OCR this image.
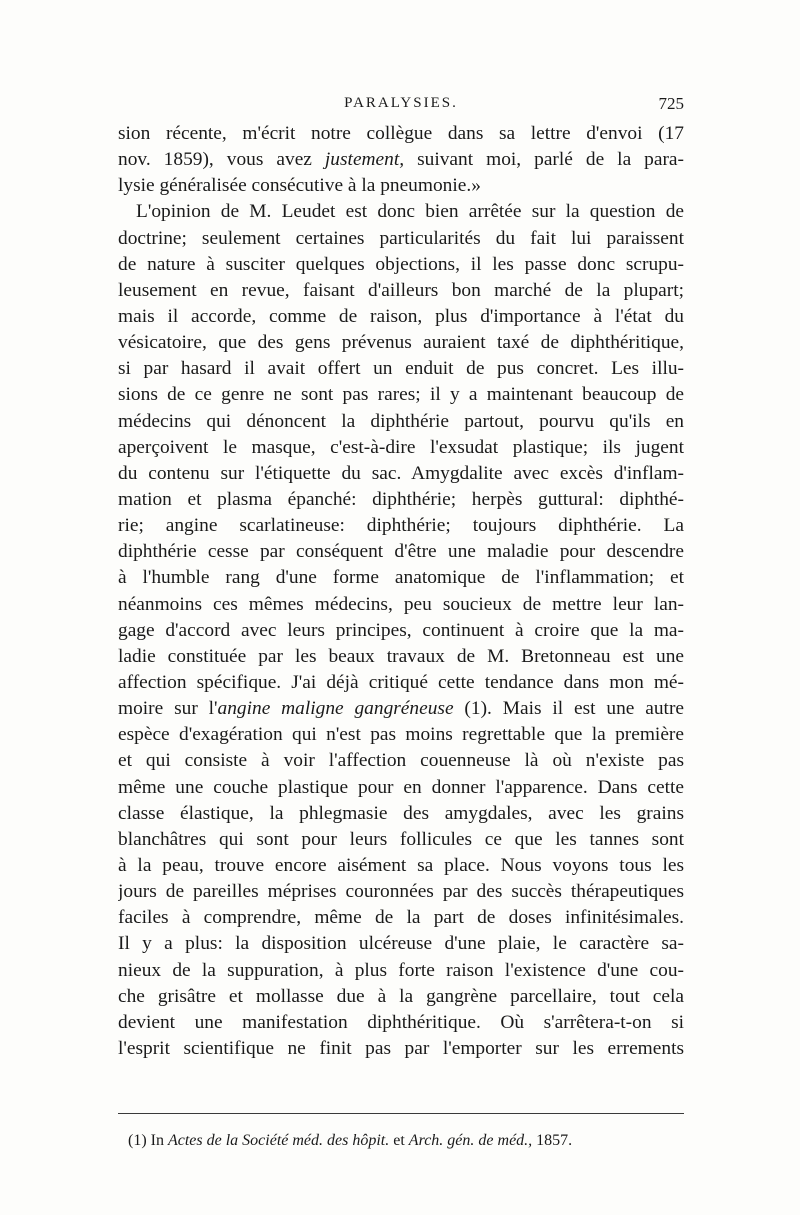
PARALYSIES.	725
sion récente, m'écrit notre collègue dans sa lettre d'envoi (17
nov. 1859), vous avez justement, suivant moi, parlé de la para-
lysie généralisée consécutive à la pneumonie.»
L'opinion de M. Leudet est donc bien arrêtée sur la question de
doctrine; seulement certaines particularités du fait lui paraissent
de nature à susciter quelques objections, il les passe donc scrupu-
leusement en revue, faisant d'ailleurs bon marché de la plupart;
mais il accorde, comme de raison, plus d'importance à l'état du
vésicatoire, que des gens prévenus auraient taxé de diphthéritique,
si par hasard il avait offert un enduit de pus concret. Les illu-
sions de ce genre ne sont pas rares; il y a maintenant beaucoup de
médecins qui dénoncent la diphthérie partout, pourvu qu'ils en
aperçoivent le masque, c'est-à-dire l'exsudat plastique; ils jugent
du contenu sur l'étiquette du sac. Amygdalite avec excès d'inflam-
mation et plasma épanché: diphthérie; herpès guttural: diphthé-
rie; angine scarlatineuse: diphthérie; toujours diphthérie. La
diphthérie cesse par conséquent d'être une maladie pour descendre
à l'humble rang d'une forme anatomique de l'inflammation; et
néanmoins ces mêmes médecins, peu soucieux de mettre leur lan-
gage d'accord avec leurs principes, continuent à croire que la ma-
ladie constituée par les beaux travaux de M. Bretonneau est une
affection spécifique. J'ai déjà critiqué cette tendance dans mon mé-
moire sur l'angine maligne gangréneuse (1). Mais il est une autre
espèce d'exagération qui n'est pas moins regrettable que la première
et qui consiste à voir l'affection couenneuse là où n'existe pas
même une couche plastique pour en donner l'apparence. Dans cette
classe élastique, la phlegmasie des amygdales, avec les grains
blanchâtres qui sont pour leurs follicules ce que les tannes sont
à la peau, trouve encore aisément sa place. Nous voyons tous les
jours de pareilles méprises couronnées par des succès thérapeutiques
faciles à comprendre, même de la part de doses infinitésimales.
Il y a plus: la disposition ulcéreuse d'une plaie, le caractère sa-
nieux de la suppuration, à plus forte raison l'existence d'une cou-
che grisâtre et mollasse due à la gangrène parcellaire, tout cela
devient une manifestation diphthéritique. Où s'arrêtera-t-on si
l'esprit scientifique ne finit pas par l'emporter sur les errements
(1) In Actes de la Société méd. des hôpit. et Arch. gén. de méd., 1857.
